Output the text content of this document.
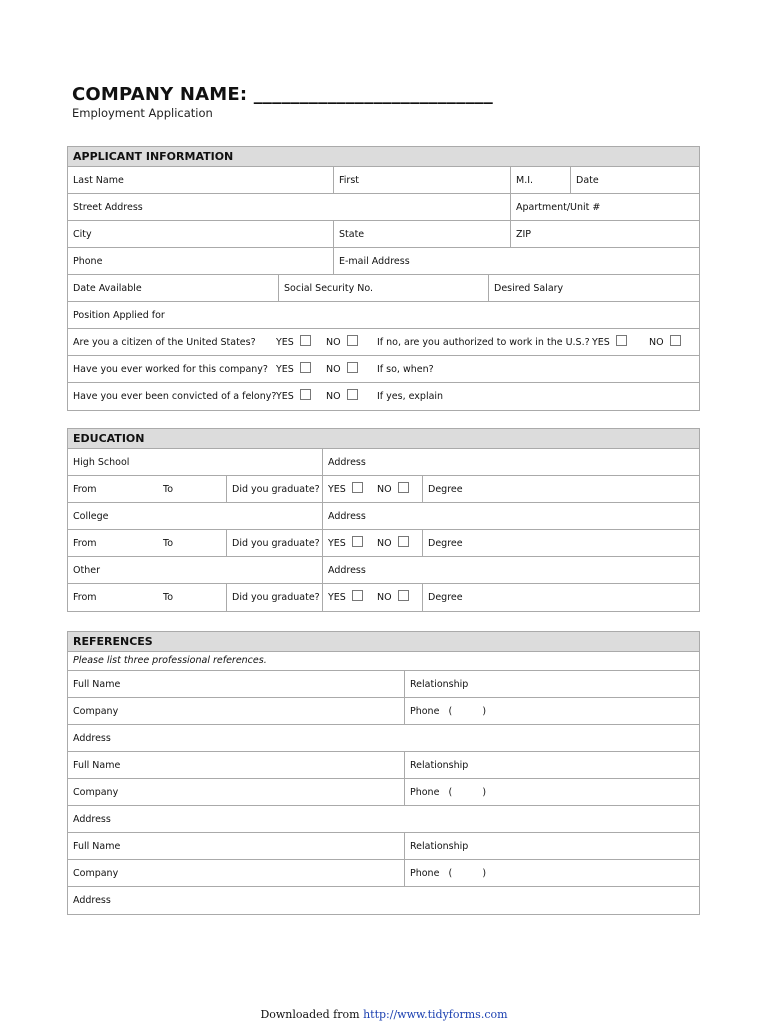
COMPANY NAME: __________________________
Employment Application
APPLICANT INFORMATION
Last Name	First	M.I.	Date
Street Address	Apartment/Unit #
City	State	ZIP
Phone	E-mail Address
Date Available	Social Security No.	Desired Salary
Position Applied for
Are you a citizen of the United States?	YES	NO	If no, are you authorized to work in the U.S.? YES	NO
Have you ever worked for this company? YES	NO	If so, when?
Have you ever been convicted of a felony? YES	NO	If yes, explain
EDUCATION
High School	Address
From	To	Did you graduate? YES	NO	Degree
College	Address
From	To	Did you graduate? YES	NO	Degree
Other	Address
From	To	Did you graduate? YES	NO	Degree
REFERENCES
Please list three professional references.
Full Name	Relationship
Company	Phone (          )
Address
Full Name	Relationship
Company	Phone (          )
Address
Full Name	Relationship
Company	Phone (          )
Address
Downloaded from http://www.tidyforms.com
